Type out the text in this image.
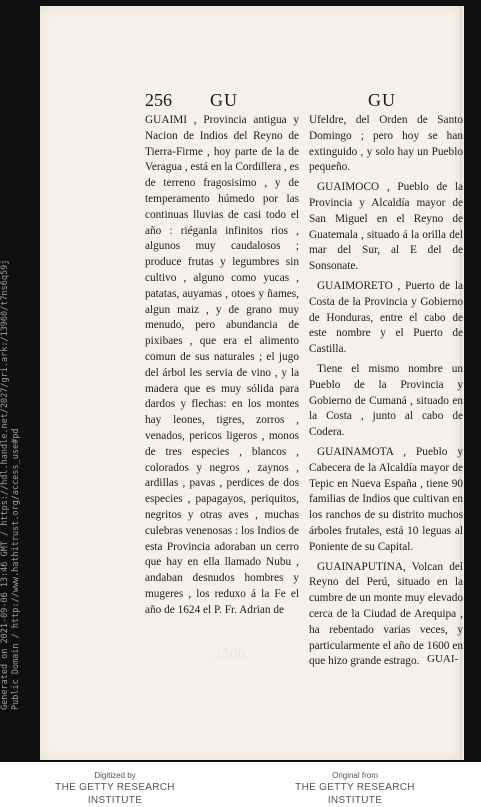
Generated on 2021-09-06 13:46 GMT / https://hdl.handle.net/2027/gri.ark:/13960/t7ns6q59j Public Domain / http://www.hathitrust.org/access_use#pd
256 GU	GU

GUAIMI , Provincia antigua y Nacion de Indios del Reyno de Tierra-Firme , hoy parte de la de Veragua , está en la Cordillera , es de terreno fragosisimo , y de temperamento húmedo por las continuas lluvias de casi todo el año : riéganla infinitos rios , algunos muy caudalosos ; produce frutas y legumbres sin cultivo , alguno como yucas , patatas, auyamas , otoes y ñames, algun maiz , y de grano muy menudo, pero abundancia de pixibaes , que era el alimento comun de sus naturales ; el jugo del árbol les servia de vino , y la madera que es muy sólida para dardos y flechas: en los montes hay leones, tigres, zorros , venados, pericos ligeros , monos de tres especies , blancos , colorados y negros , zaynos , ardillas , pavas , perdices de dos especies , papagayos, periquitos, negritos y otras aves , muchas culebras venenosas : los Indios de esta Provincia adoraban un cerro que hay en ella llamado Nubu , andaban desnudos hombres y mugeres , los reduxo á la Fe el año de 1624 el P. Fr. Adrian de

Ufeldre, del Orden de Santo Domingo ; pero hoy se han extinguido , y solo hay un Pueblo pequeño.

GUAIMOCO , Pueblo de la Provincia y Alcaldía mayor de San Miguel en el Reyno de Guatemala , situado á la orilla del mar del Sur, al E del de Sonsonate.

GUAIMORETO , Puerto de la Costa de la Provincia y Gobierno de Honduras, entre el cabo de este nombre y el Puerto de Castilla.

Tiene el mismo nombre un Pueblo de la Provincia y Gobierno de Cumaná , situado en la Costa , junto al cabo de Codera.

GUAINAMOTA , Pueblo y Cabecera de la Alcaldía mayor de Tepic en Nueva España , tiene 90 familias de Indios que cultivan en los ranchos de su distrito muchos árboles frutales, está 10 leguas al Poniente de su Capital.

GUAINAPUTINA, Volcan del Reyno del Perú, situado en la cumbre de un monte muy elevado cerca de la Ciudad de Arequipa , ha rebentado varias veces, y particularmente el año de 1600 en que hizo grande estrago.

2500	GUAI-
Digitized by
THE GETTY RESEARCH INSTITUTE
Original from
THE GETTY RESEARCH INSTITUTE
